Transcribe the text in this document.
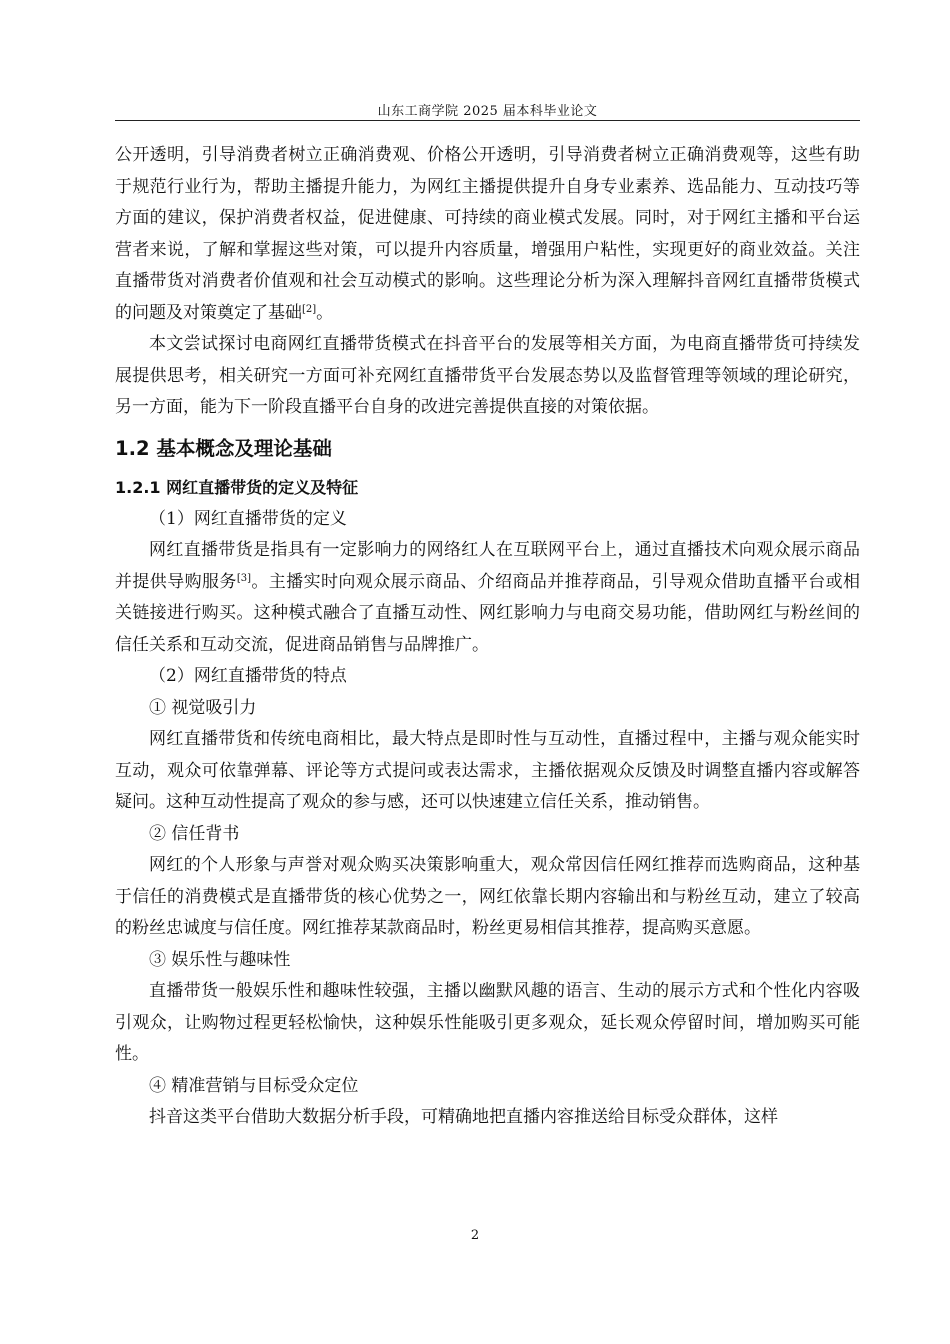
山东工商学院 2025 届本科毕业论文

公开透明，引导消费者树立正确消费观、价格公开透明，引导消费者树立正确消费观等，这些有助于规范行业行为，帮助主播提升能力，为网红主播提供提升自身专业素养、选品能力、互动技巧等方面的建议，保护消费者权益，促进健康、可持续的商业模式发展。同时，对于网红主播和平台运营者来说，了解和掌握这些对策，可以提升内容质量，增强用户粘性，实现更好的商业效益。关注直播带货对消费者价值观和社会互动模式的影响。这些理论分析为深入理解抖音网红直播带货模式的问题及对策奠定了基础[2]。

本文尝试探讨电商网红直播带货模式在抖音平台的发展等相关方面，为电商直播带货可持续发展提供思考，相关研究一方面可补充网红直播带货平台发展态势以及监督管理等领域的理论研究，另一方面，能为下一阶段直播平台自身的改进完善提供直接的对策依据。

1.2 基本概念及理论基础
1.2.1 网红直播带货的定义及特征

（1）网红直播带货的定义

网红直播带货是指具有一定影响力的网络红人在互联网平台上，通过直播技术向观众展示商品并提供导购服务[3]。主播实时向观众展示商品、介绍商品并推荐商品，引导观众借助直播平台或相关链接进行购买。这种模式融合了直播互动性、网红影响力与电商交易功能，借助网红与粉丝间的信任关系和互动交流，促进商品销售与品牌推广。

（2）网红直播带货的特点

① 视觉吸引力

网红直播带货和传统电商相比，最大特点是即时性与互动性，直播过程中，主播与观众能实时互动，观众可依靠弹幕、评论等方式提问或表达需求，主播依据观众反馈及时调整直播内容或解答疑问。这种互动性提高了观众的参与感，还可以快速建立信任关系，推动销售。

② 信任背书

网红的个人形象与声誉对观众购买决策影响重大，观众常因信任网红推荐而选购商品，这种基于信任的消费模式是直播带货的核心优势之一，网红依靠长期内容输出和与粉丝互动，建立了较高的粉丝忠诚度与信任度。网红推荐某款商品时，粉丝更易相信其推荐，提高购买意愿。

③ 娱乐性与趣味性

直播带货一般娱乐性和趣味性较强，主播以幽默风趣的语言、生动的展示方式和个性化内容吸引观众，让购物过程更轻松愉快，这种娱乐性能吸引更多观众，延长观众停留时间，增加购买可能性。

④ 精准营销与目标受众定位

抖音这类平台借助大数据分析手段，可精确地把直播内容推送给目标受众群体，这样

2
